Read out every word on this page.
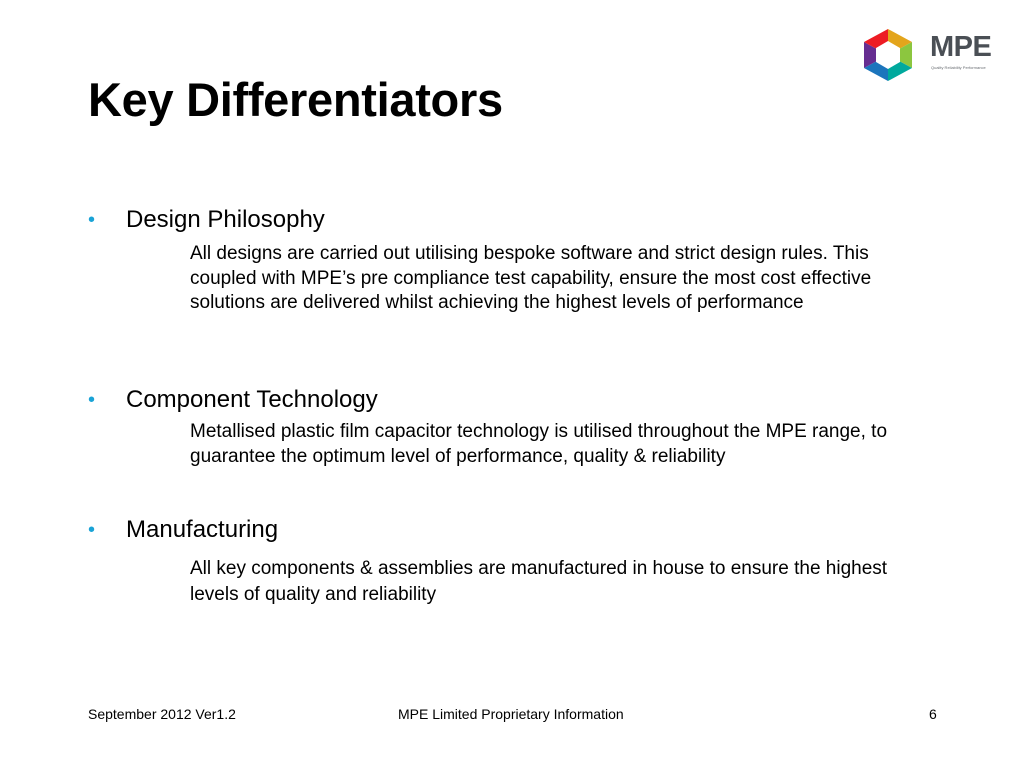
Key Differentiators
MPE
Quality Reliability Performance
• Design Philosophy
All designs are carried out utilising bespoke software and strict design rules. This coupled with MPE’s pre compliance test capability, ensure the most cost effective solutions are delivered whilst achieving the highest levels of performance
• Component Technology
Metallised plastic film capacitor technology is utilised throughout the MPE range, to guarantee the optimum level of performance, quality & reliability
• Manufacturing
All key components & assemblies are manufactured in house to ensure the highest levels of quality and reliability
September 2012 Ver1.2	MPE Limited Proprietary Information	6
